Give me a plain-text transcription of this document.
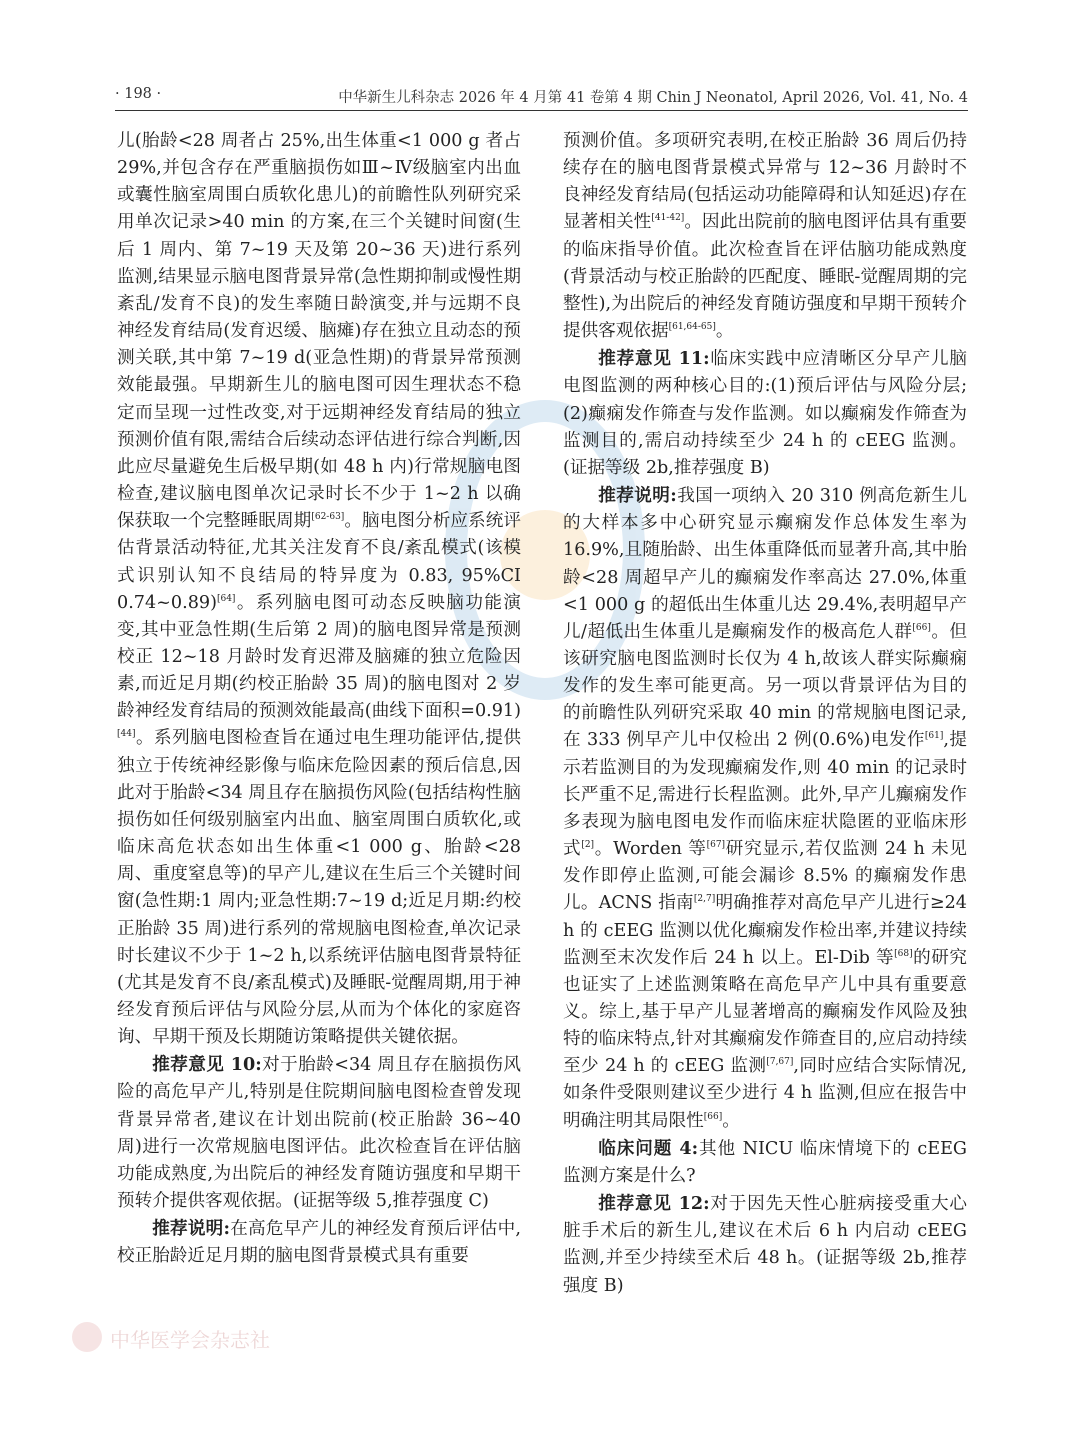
· 198 ·	中华新生儿科杂志 2026 年 4 月第 41 卷第 4 期 Chin J Neonatol, April 2026, Vol. 41, No. 4

儿(胎龄<28 周者占 25%,出生体重<1 000 g 者占 29%,并包含存在严重脑损伤如Ⅲ~Ⅳ级脑室内出血或囊性脑室周围白质软化患儿)的前瞻性队列研究采用单次记录>40 min 的方案,在三个关键时间窗(生后 1 周内、第 7~19 天及第 20~36 天)进行系列监测,结果显示脑电图背景异常(急性期抑制或慢性期紊乱/发育不良)的发生率随日龄演变,并与远期不良神经发育结局(发育迟缓、脑瘫)存在独立且动态的预测关联,其中第 7~19 d(亚急性期)的背景异常预测效能最强。早期新生儿的脑电图可因生理状态不稳定而呈现一过性改变,对于远期神经发育结局的独立预测价值有限,需结合后续动态评估进行综合判断,因此应尽量避免生后极早期(如 48 h 内)行常规脑电图检查,建议脑电图单次记录时长不少于 1~2 h 以确保获取一个完整睡眠周期[62-63]。脑电图分析应系统评估背景活动特征,尤其关注发育不良/紊乱模式(该模式识别认知不良结局的特异度为 0.83, 95%CI 0.74~0.89)[64]。系列脑电图可动态反映脑功能演变,其中亚急性期(生后第 2 周)的脑电图异常是预测校正 12~18 月龄时发育迟滞及脑瘫的独立危险因素,而近足月期(约校正胎龄 35 周)的脑电图对 2 岁龄神经发育结局的预测效能最高(曲线下面积=0.91)[44]。系列脑电图检查旨在通过电生理功能评估,提供独立于传统神经影像与临床危险因素的预后信息,因此对于胎龄<34 周且存在脑损伤风险(包括结构性脑损伤如任何级别脑室内出血、脑室周围白质软化,或临床高危状态如出生体重<1 000 g、胎龄<28 周、重度窒息等)的早产儿,建议在生后三个关键时间窗(急性期:1 周内;亚急性期:7~19 d;近足月期:约校正胎龄 35 周)进行系列的常规脑电图检查,单次记录时长建议不少于 1~2 h,以系统评估脑电图背景特征(尤其是发育不良/紊乱模式)及睡眠-觉醒周期,用于神经发育预后评估与风险分层,从而为个体化的家庭咨询、早期干预及长期随访策略提供关键依据。

推荐意见 10:对于胎龄<34 周且存在脑损伤风险的高危早产儿,特别是住院期间脑电图检查曾发现背景异常者,建议在计划出院前(校正胎龄 36~40 周)进行一次常规脑电图评估。此次检查旨在评估脑功能成熟度,为出院后的神经发育随访强度和早期干预转介提供客观依据。(证据等级 5,推荐强度 C)

推荐说明:在高危早产儿的神经发育预后评估中,校正胎龄近足月期的脑电图背景模式具有重要

预测价值。多项研究表明,在校正胎龄 36 周后仍持续存在的脑电图背景模式异常与 12~36 月龄时不良神经发育结局(包括运动功能障碍和认知延迟)存在显著相关性[41-42]。因此出院前的脑电图评估具有重要的临床指导价值。此次检查旨在评估脑功能成熟度(背景活动与校正胎龄的匹配度、睡眠-觉醒周期的完整性),为出院后的神经发育随访强度和早期干预转介提供客观依据[61,64-65]。

推荐意见 11:临床实践中应清晰区分早产儿脑电图监测的两种核心目的:(1)预后评估与风险分层;(2)癫痫发作筛查与发作监测。如以癫痫发作筛查为监测目的,需启动持续至少 24 h 的 cEEG 监测。(证据等级 2b,推荐强度 B)

推荐说明:我国一项纳入 20 310 例高危新生儿的大样本多中心研究显示癫痫发作总体发生率为 16.9%,且随胎龄、出生体重降低而显著升高,其中胎龄<28 周超早产儿的癫痫发作率高达 27.0%,体重<1 000 g 的超低出生体重儿达 29.4%,表明超早产儿/超低出生体重儿是癫痫发作的极高危人群[66]。但该研究脑电图监测时长仅为 4 h,故该人群实际癫痫发作的发生率可能更高。另一项以背景评估为目的的前瞻性队列研究采取 40 min 的常规脑电图记录,在 333 例早产儿中仅检出 2 例(0.6%)电发作[61],提示若监测目的为发现癫痫发作,则 40 min 的记录时长严重不足,需进行长程监测。此外,早产儿癫痫发作多表现为脑电图电发作而临床症状隐匿的亚临床形式[2]。Worden 等[67]研究显示,若仅监测 24 h 未见发作即停止监测,可能会漏诊 8.5% 的癫痫发作患儿。ACNS 指南[2,7]明确推荐对高危早产儿进行≥24 h 的 cEEG 监测以优化癫痫发作检出率,并建议持续监测至末次发作后 24 h 以上。El-Dib 等[68]的研究也证实了上述监测策略在高危早产儿中具有重要意义。综上,基于早产儿显著增高的癫痫发作风险及独特的临床特点,针对其癫痫发作筛查目的,应启动持续至少 24 h 的 cEEG 监测[7,67],同时应结合实际情况,如条件受限则建议至少进行 4 h 监测,但应在报告中明确注明其局限性[66]。

临床问题 4:其他 NICU 临床情境下的 cEEG 监测方案是什么?

推荐意见 12:对于因先天性心脏病接受重大心脏手术后的新生儿,建议在术后 6 h 内启动 cEEG 监测,并至少持续至术后 48 h。(证据等级 2b,推荐强度 B)

中华医学会杂志社
